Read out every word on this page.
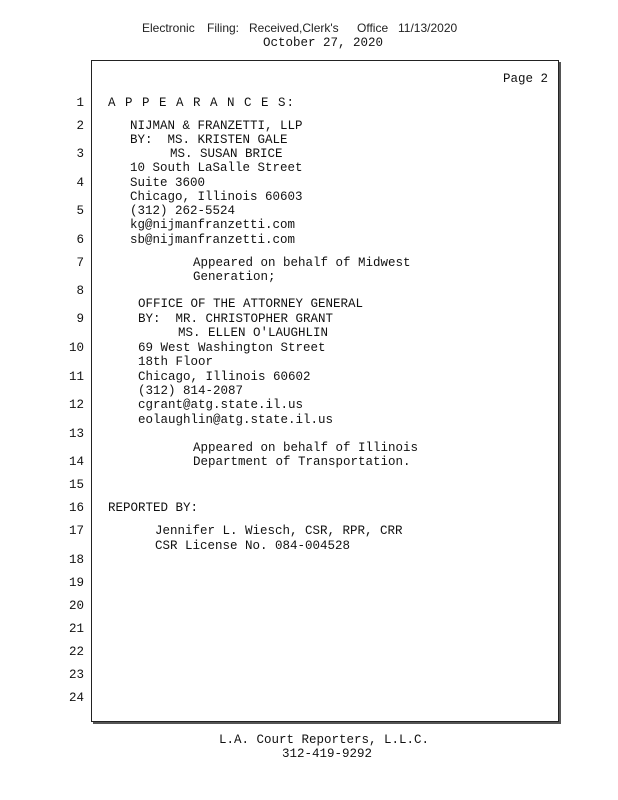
Electronic Filing: Received,Clerk's Office 11/13/2020
October 27, 2020
Page 2
1
2
3
4
5
6
7
8
9
10
11
12
13
14
15
16
17
18
19
20
21
22
23
24
A P P E A R A N C E S:
NIJMAN & FRANZETTI, LLP
BY:  MS. KRISTEN GALE
MS. SUSAN BRICE
10 South LaSalle Street
Suite 3600
Chicago, Illinois 60603
(312) 262-5524
kg@nijmanfranzetti.com
sb@nijmanfranzetti.com
Appeared on behalf of Midwest
Generation;
OFFICE OF THE ATTORNEY GENERAL
BY:  MR. CHRISTOPHER GRANT
MS. ELLEN O'LAUGHLIN
69 West Washington Street
18th Floor
Chicago, Illinois 60602
(312) 814-2087
cgrant@atg.state.il.us
eolaughlin@atg.state.il.us
Appeared on behalf of Illinois
Department of Transportation.
REPORTED BY:
Jennifer L. Wiesch, CSR, RPR, CRR
CSR License No. 084-004528
L.A. Court Reporters, L.L.C.
312-419-9292
